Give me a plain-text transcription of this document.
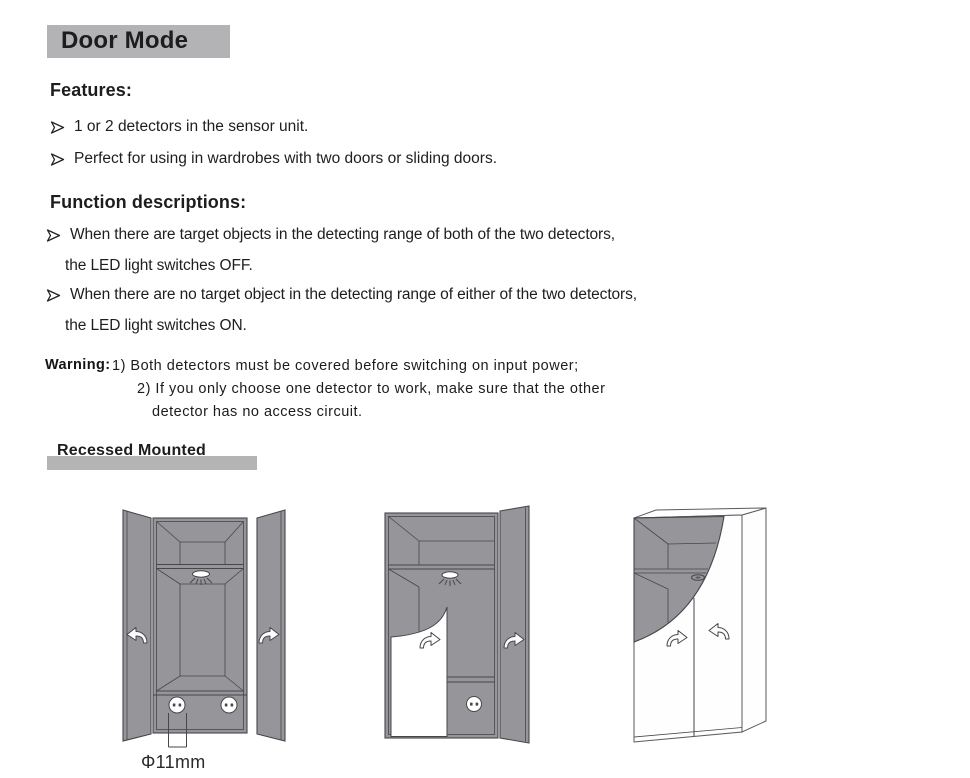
Door Mode
Features:
1 or 2 detectors in the sensor unit.
Perfect for using in wardrobes with two doors or sliding doors.
Function descriptions:
When there are target objects in the detecting range of both of the two detectors,
the LED light switches OFF.
When there are no target object in the detecting range of either of the two detectors,
the LED light switches ON.
Warning: 1) Both detectors must be covered before switching on input power;
2) If you only choose one detector to work, make sure that the other
detector has no access circuit.
Recessed Mounted
Φ11mm
